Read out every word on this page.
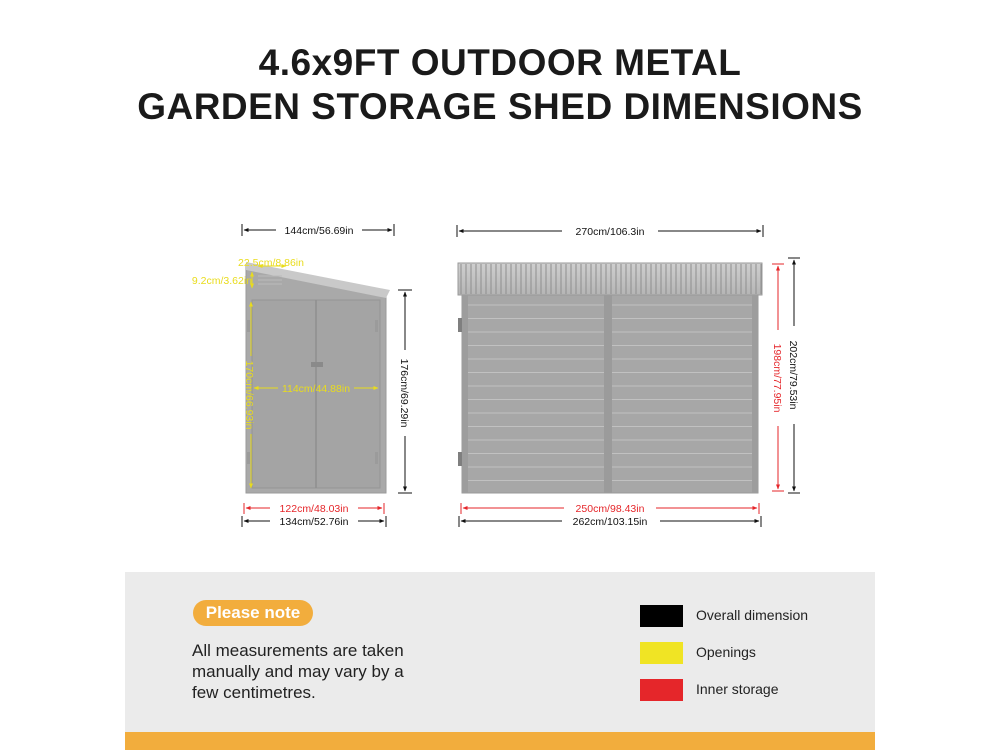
4.6x9FT OUTDOOR METAL
GARDEN STORAGE SHED DIMENSIONS
144cm/56.69in
22.5cm/8.86in
9.2cm/3.62in
170cm/66.93in	114cm/44.88in	176cm/69.29in
122cm/48.03in
134cm/52.76in
270cm/106.3in
198cm/77.95in 202cm/79.53in
250cm/98.43in
262cm/103.15in
Please note
All measurements are taken manually and may vary by a few centimetres.
Overall dimension
Openings
Inner storage
